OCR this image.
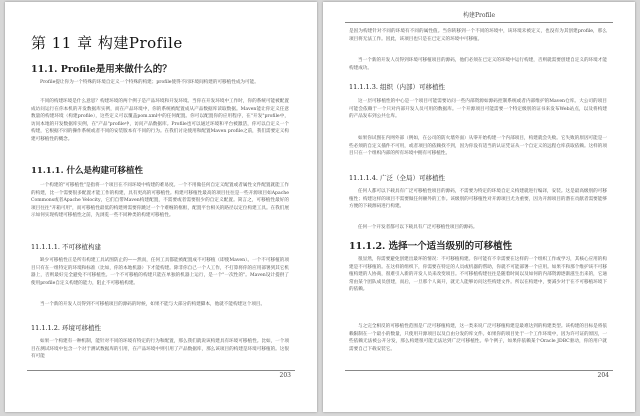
第 11 章 构建Profile
11.1. Profile是用来做什么的？
Profile提让你为一个特殊的环境自定义一个特殊的构建；profile使得不同环境间构建的可移植性成为可能。
不同的构建环境是什么意思？构建环境的两个例子是产品环境和开发环境。当你在开发环境中工作时，你的系统可能被配置成访问运行在你本机的开发数据库实例，而在产品环境中，你的系统被配置成从产品数据库读取数据。Maven能让你定义任意数量的构建环境（构建profile），这些定义可以覆盖pom.xml中的任何配置。你可以配置你的应用程序，在"开发"profile中，访问本地的开发数据库实例，在"产品"profile中，访问产品数据库。Profile也可以通过环境和平台被激活，你可以自定义一个构建，它根据不同的操作系统或者不同的安装版本有不同的行为。在我们讨论使用和配置Maven profile之前，我们需要定义构建可移植性的概念。
11.1.1. 什么是构建可移植性
一个构建的"可移植性"是指将一个项目在不同环境中构建的难易度。一个不用做任何自定义配置或者属性文件配置就能工作的构建，比一个需要很多配置才能工作的构建，具有更高的可移植性。构建可移植性最高的项目往往是一些开源项目如Apache Commons或者Apache Velocity，它们自带Maven构建配置，不需要或者需要很少的自定义配置。简言之，可移植性最好的项目往往"开箱可用"，而可移植性最低的构建则需要你跳过一个个难缠的框框，配置平台相关的路径以定位构建工具。在我们展示如何实现构建可移植性之前，先浏览一些不同种类的构建可移植性。
11.1.1.1. 不可移植构建
缺少可移植性正是所有构建工具试图防止的——然而，任何工具都能被配置成不可移植（即使Maven）。一个不可移植的项目只有在一组特定的环境和标准（比如，你的本地机器）下才能构建。除非你自己一个人工作，不打算将你的应用部署到其它机器上，否则最好完全避免不可移植性。一个不可移植的构建只能在单独的机器上运行，是一个"一次性的"。Maven设计提供了使用profile自定义构建的能力，阻止不可移植构建。
当一个新的开发人员得到不可移植项目的源码的时候，如果不能与大部分的构建脚本，他就不能构建这个项目。
11.1.1.2. 环境可移植性
如果一个构建有一种机制，能针对不同的环境有特定的行为和配置，那么我们就说该构建具有环境可移植性。比如，一个项目在测试环境中包含一个对于测试数据库的引用，在产品环境中则引用了产品数据库，那么该项目的构建是环境可移植的。这很有可能
203
构建Profile
是因为构建针对不同的环境有不同的属性值。当你转移到一个不同的环境中，该环境未被定义，也没有为其创建profile，那么项目将无法工作。因此，该项目也只是在已定义的环境中可移植。
当一个新的开发人员得到环境可移植项目的源码，他们必须在已定义的环境中运行构建，否则就需要创建自定义的环境才能构建成功。
11.1.1.3. 组织（内部）可移植性
这一层可移植性的中心是一个项目可能需要访问一些内部资源如源码控制系统或者内部维护的Maven仓库。大公司的项目可能会依赖于一个只对内部开发人员可用的数据库。一个开源项目可能需要一个特定级别的证书来发布Web站点，以及将构建的产品发布到公共仓库。
如果你试图在内网外部（例如，在公司的防火墙外面）从零开始构建一个内部项目，构建就会失败。它失败的原因可能是一些必须的自定义插件不可用，或者项目的依赖找不到，因为你没有适当的认证凭证从一个自定义的远程仓库获取依赖。这样的项目只在一个组织内部的所有环境中拥有可移植性。
11.1.1.4. 广泛（全局）可移植性
任何人都可以下载具有广泛可移植性项目的源码，不需要为特定的环境自定义构建就进行编译，安装。这是最高级别的可移植性；构建这样的项目不需要做任何额外的工作。该级别的可移植性对开源项目尤为重要，因为开源项目的潜在贡献者需要能够方便的下载源码进行构建。
任何一个开发者都可以下载具有广泛可移植性项目的源码。
11.1.2. 选择一个适当级别的可移植性
很显然，你需要避免创建出最坏的情况：不可移植构建。你可能有不幸需要在这样的一个组织工作或学习，其核心应用的构建是不可移植的。在这样的组织下，你需要在特定的人员或机器的帮助，你就不可能部署一个应用。如果不和那个维护该不可移植构建的人协商，很难引入新的开发人员来改变项目。不可移植构建往往是随着时间以及如何的内部资源逐渐滋生出来的，它通常由某个团队成员创建，而后，一旦那个人离开，就无人能够访问这些构建文件。所以在构建中，要减少对于在不可移植环境下的依赖。
与之完全相反的可移植性范围是广泛可移植构建，这一类来说广泛可移植构建是最难达到的构建类型。该构建的目标是将依赖限制在一个最小的数量，只使用开源项目以及自由分发的库文件。如果你的项目处于一个工作环境中，因为许可证的原因，一些依赖无法被公开分发，那么构建很可能无法达到广泛可移植性。举个例子，如果你依赖某个Oracle JDBC驱动，你的用户就需要自己下载安装它。
204
